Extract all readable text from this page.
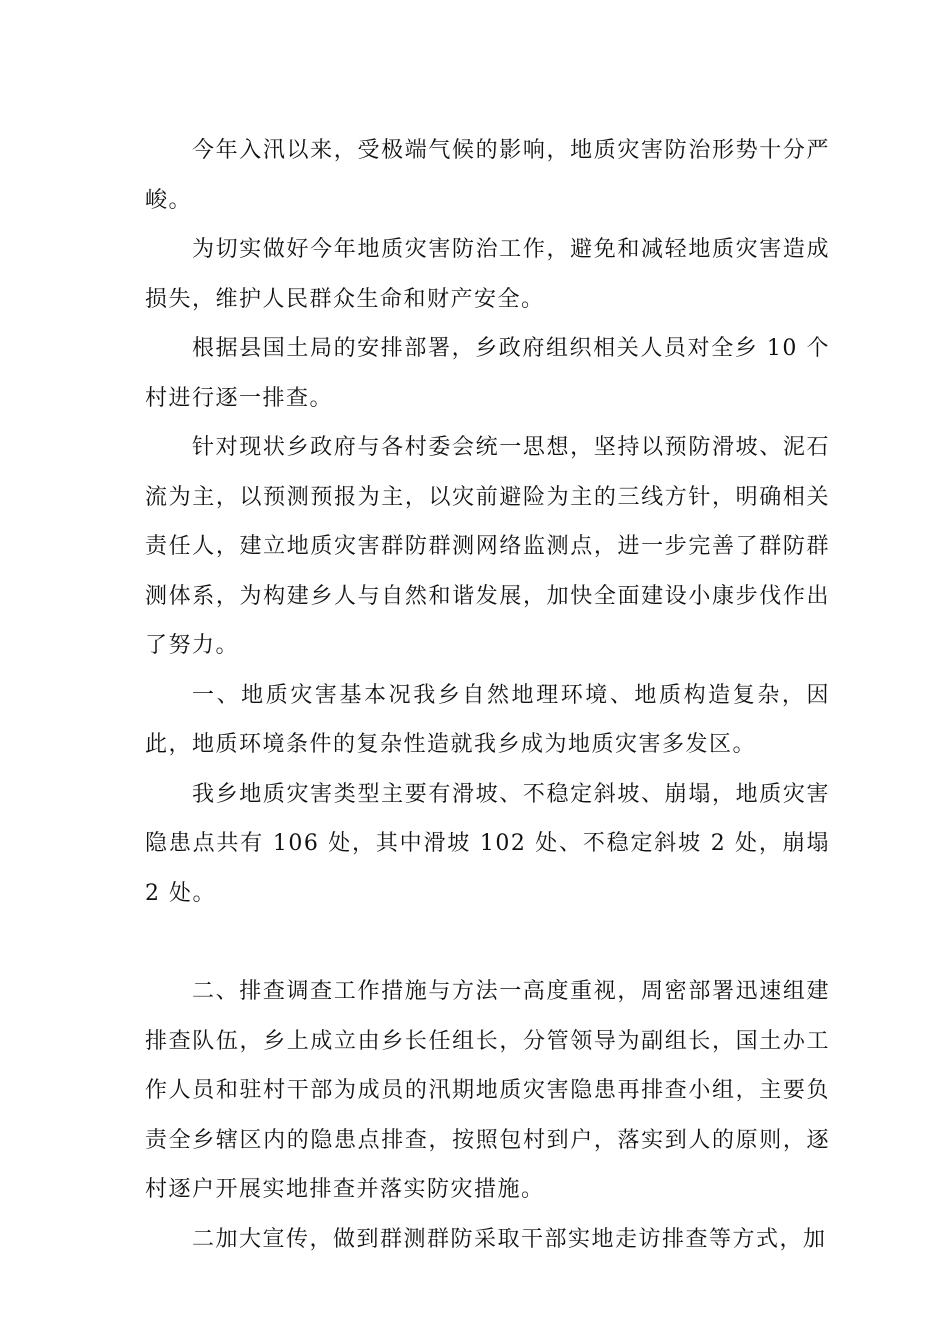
今年入汛以来，受极端气候的影响，地质灾害防治形势十分严峻。

为切实做好今年地质灾害防治工作，避免和减轻地质灾害造成损失，维护人民群众生命和财产安全。

根据县国土局的安排部署，乡政府组织相关人员对全乡 10 个村进行逐一排查。

针对现状乡政府与各村委会统一思想，坚持以预防滑坡、泥石流为主，以预测预报为主，以灾前避险为主的三线方针，明确相关责任人，建立地质灾害群防群测网络监测点，进一步完善了群防群测体系，为构建乡人与自然和谐发展，加快全面建设小康步伐作出了努力。

一、地质灾害基本况我乡自然地理环境、地质构造复杂，因此，地质环境条件的复杂性造就我乡成为地质灾害多发区。

我乡地质灾害类型主要有滑坡、不稳定斜坡、崩塌，地质灾害隐患点共有 106 处，其中滑坡 102 处、不稳定斜坡 2 处，崩塌 2 处。

二、排查调查工作措施与方法一高度重视，周密部署迅速组建排查队伍，乡上成立由乡长任组长，分管领导为副组长，国土办工作人员和驻村干部为成员的汛期地质灾害隐患再排查小组，主要负责全乡辖区内的隐患点排查，按照包村到户，落实到人的原则，逐村逐户开展实地排查并落实防灾措施。

二加大宣传，做到群测群防采取干部实地走访排查等方式，加
